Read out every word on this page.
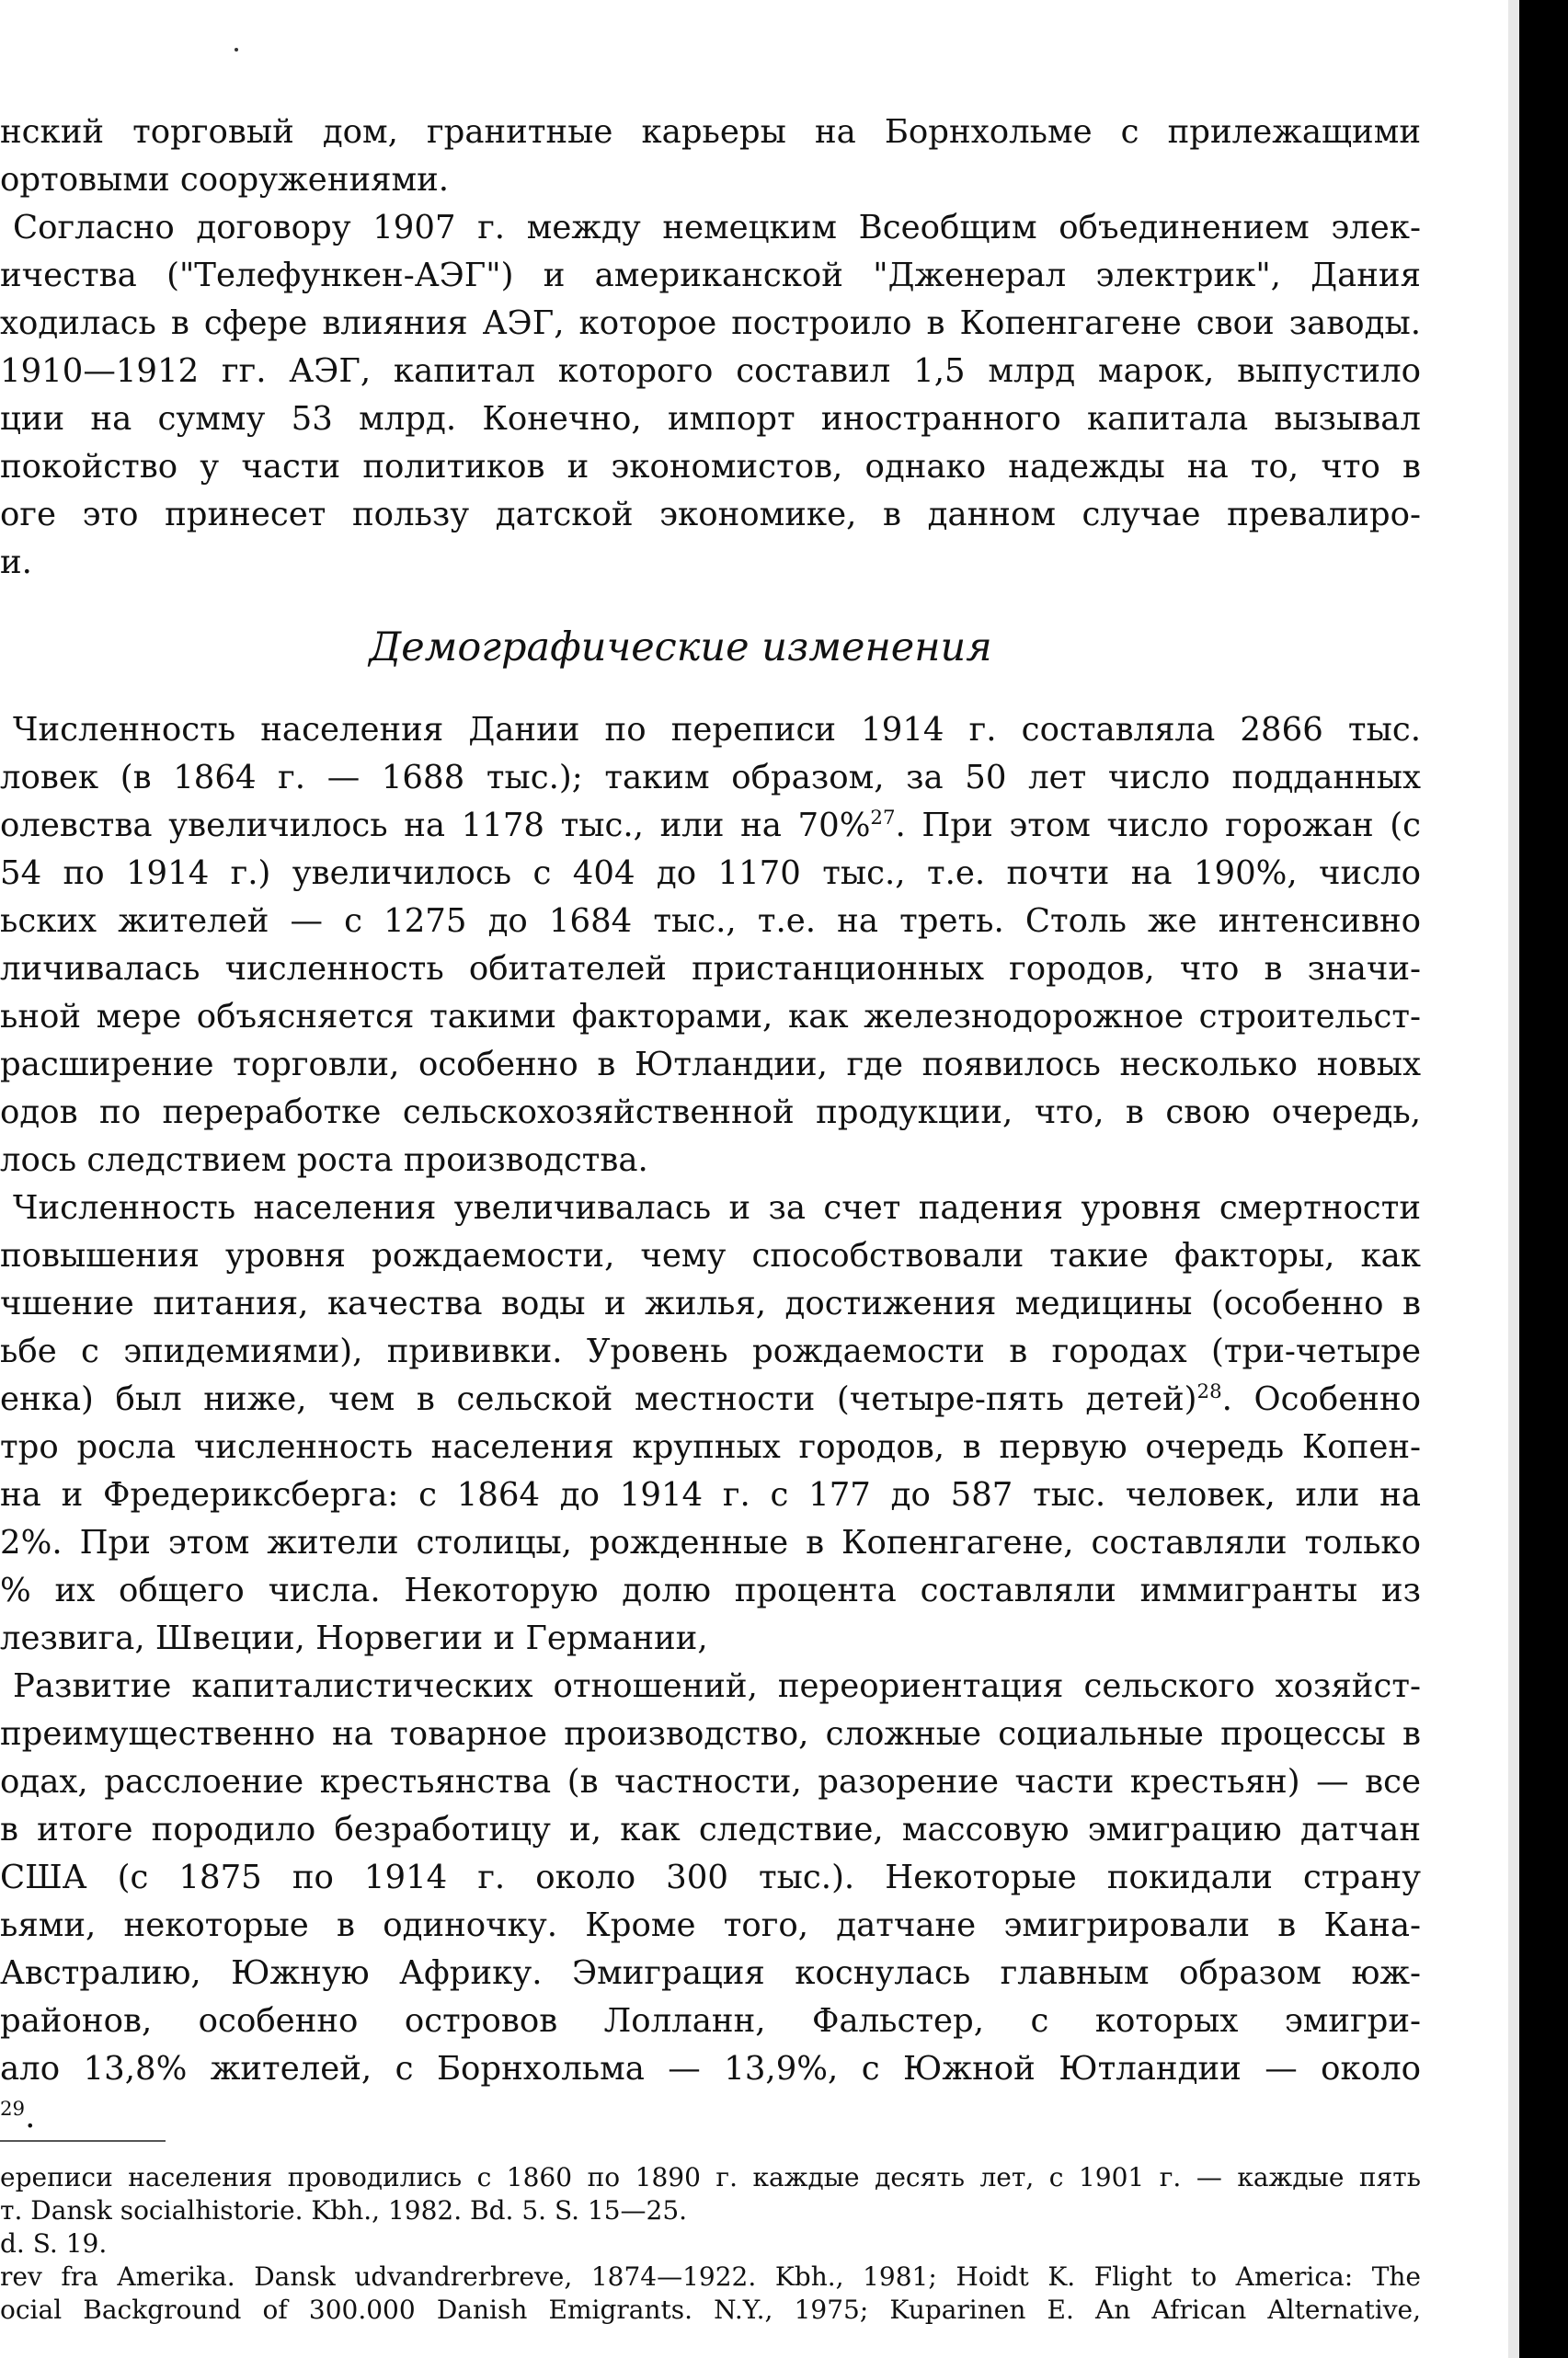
нский торговый дом, гранитные карьеры на Борнхольме с прилежащими
ортовыми сооружениями.
Согласно договору 1907 г. между немецким Всеобщим объединением элек-
ичества ("Телефункен-АЭГ") и американской "Дженерал электрик", Дания
ходилась в сфере влияния АЭГ, которое построило в Копенгагене свои заводы.
1910—1912 гг. АЭГ, капитал которого составил 1,5 млрд марок, выпустило
ции на сумму 53 млрд. Конечно, импорт иностранного капитала вызывал
покойство у части политиков и экономистов, однако надежды на то, что в
оге это принесет пользу датской экономике, в данном случае превалиро-
и.
Демографические изменения
Численность населения Дании по переписи 1914 г. составляла 2866 тыс.
ловек (в 1864 г. — 1688 тыс.); таким образом, за 50 лет число подданных
олевства увеличилось на 1178 тыс., или на 70%$^{27}$. При этом число горожан (с
54 по 1914 г.) увеличилось с 404 до 1170 тыс., т.е. почти на 190%, число
ьских жителей — с 1275 до 1684 тыс., т.е. на треть. Столь же интенсивно
личивалась численность обитателей пристанционных городов, что в значи-
ьной мере объясняется такими факторами, как железнодорожное строительст-
расширение торговли, особенно в Ютландии, где появилось несколько новых
одов по переработке сельскохозяйственной продукции, что, в свою очередь,
лось следствием роста производства.
Численность населения увеличивалась и за счет падения уровня смертности
повышения уровня рождаемости, чему способствовали такие факторы, как
чшение питания, качества воды и жилья, достижения медицины (особенно в
ьбе с эпидемиями), прививки. Уровень рождаемости в городах (три-четыре
енка) был ниже, чем в сельской местности (четыре-пять детей)$^{28}$. Особенно
тро росла численность населения крупных городов, в первую очередь Копен-
на и Фредериксберга: с 1864 до 1914 г. с 177 до 587 тыс. человек, или на
2%. При этом жители столицы, рожденные в Копенгагене, составляли только
% их общего числа. Некоторую долю процента составляли иммигранты из
лезвига, Швеции, Норвегии и Германии,
Развитие капиталистических отношений, переориентация сельского хозяйст-
преимущественно на товарное производство, сложные социальные процессы в
одах, расслоение крестьянства (в частности, разорение части крестьян) — все
в итоге породило безработицу и, как следствие, массовую эмиграцию датчан
США (с 1875 по 1914 г. около 300 тыс.). Некоторые покидали страну
ьями, некоторые в одиночку. Кроме того, датчане эмигрировали в Кана-
Австралию, Южную Африку. Эмиграция коснулась главным образом юж-
районов, особенно островов Лолланн, Фальстер, с которых эмигри-
ало 13,8% жителей, с Борнхольма — 13,9%, с Южной Ютландии — около
$^{29}$.
ерепиcи населения проводились с 1860 по 1890 г. каждые десять лет, с 1901 г. — каждые пять
т. Dansk socialhistorie. Kbh., 1982. Bd. 5. S. 15—25.
d. S. 19.
rev fra Amerika. Dansk udvandrerbreve, 1874—1922. Kbh., 1981; Hoidt K. Flight to America: The
ocial Background of 300.000 Danish Emigrants. N.Y., 1975; Kuparinen E. An African Alternative,
